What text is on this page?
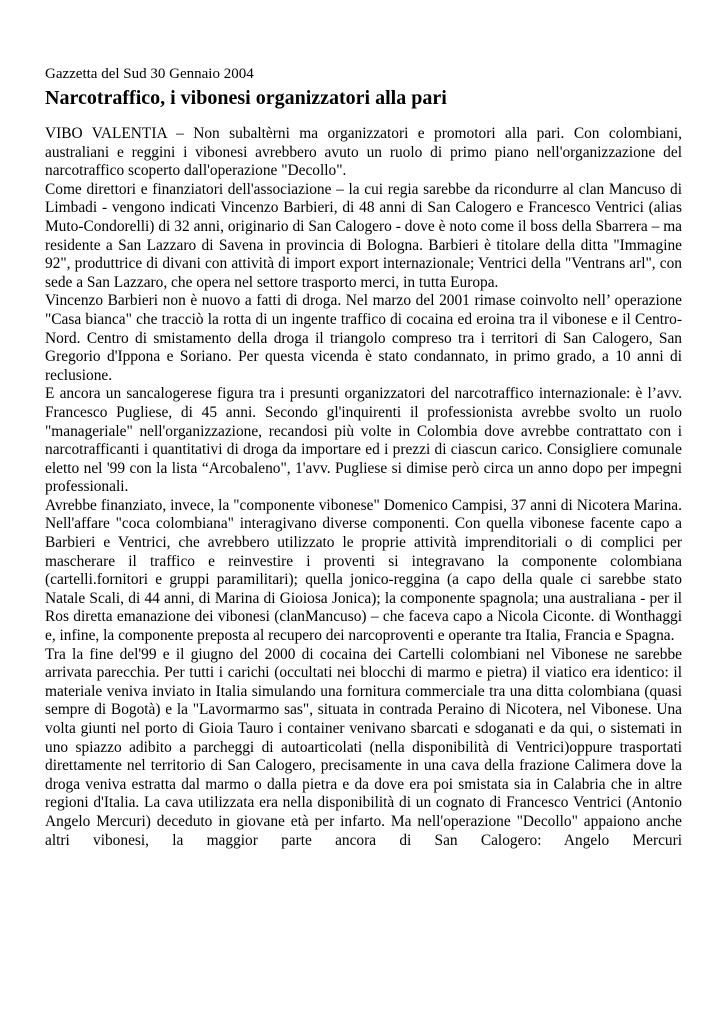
Gazzetta del Sud 30 Gennaio 2004
Narcotraffico, i vibonesi organizzatori alla pari

VIBO VALENTIA – Non subaltèrni ma organizzatori e promotori alla pari. Con colombiani, australiani e reggini i vibonesi avrebbero avuto un ruolo di primo piano nell'organizzazione del narcotraffico scoperto dall'operazione "Decollo".

Come direttori e finanziatori dell'associazione – la cui regia sarebbe da ricondurre al clan Mancuso di Limbadi - vengono indicati Vincenzo Barbieri, di 48 anni di San Calogero e Francesco Ventrici (alias Muto-Condorelli) di 32 anni, originario di San Calogero - dove è noto come il boss della Sbarrera – ma residente a San Lazzaro di Savena in provincia di Bologna. Barbieri è titolare della ditta "Immagine 92", produttrice di divani con attività di import export internazionale; Ventrici della "Ventrans arl", con sede a San Lazzaro, che opera nel settore trasporto merci, in tutta Europa.

Vincenzo Barbieri non è nuovo a fatti di droga. Nel marzo del 2001 rimase coinvolto nell’ operazione "Casa bianca" che tracciò la rotta di un ingente traffico di cocaina ed eroina tra il vibonese e il Centro-Nord. Centro di smistamento della droga il triangolo compreso tra i territori di San Calogero, San Gregorio d'Ippona e Soriano. Per questa vicenda è stato condannato, in primo grado, a 10 anni di reclusione.

E ancora un sancalogerese figura tra i presunti organizzatori del narcotraffico internazionale: è l’avv. Francesco Pugliese, di 45 anni. Secondo gl'inquirenti il professionista avrebbe svolto un ruolo "manageriale" nell'organizzazione, recandosi più volte in Colombia dove avrebbe contrattato con i narcotrafficanti i quantitativi di droga da importare ed i prezzi di ciascun carico. Consigliere comunale eletto nel '99 con la lista “Arcobaleno", 1'avv. Pugliese si dimise però circa un anno dopo per impegni professionali.

Avrebbe finanziato, invece, la "componente vibonese" Domenico Campisi, 37 anni di Nicotera Marina. Nell'affare "coca colombiana" interagivano diverse componenti. Con quella vibonese facente capo a Barbieri e Ventrici, che avrebbero utilizzato le proprie attività imprenditoriali o di complici per mascherare il traffico e reinvestire i proventi si integravano la componente colombiana (cartelli.fornitori e gruppi paramilitari); quella jonico-reggina (a capo della quale ci sarebbe stato Natale Scali, di 44 anni, di Marina di Gioiosa Jonica); la componente spagnola; una australiana - per il Ros diretta emanazione dei vibonesi (clanMancuso) – che faceva capo a Nicola Ciconte. di Wonthaggi e, infine, la componente preposta al recupero dei narcoproventi e operante tra Italia, Francia e Spagna.

Tra la fine del'99 e il giugno del 2000 di cocaina dei Cartelli colombiani nel Vibonese ne sarebbe arrivata parecchia. Per tutti i carichi (occultati nei blocchi di marmo e pietra) il viatico era identico: il materiale veniva inviato in Italia simulando una fornitura commerciale tra una ditta colombiana (quasi sempre di Bogotà) e la "Lavormarmo sas", situata in contrada Peraino di Nicotera, nel Vibonese. Una volta giunti nel porto di Gioia Tauro i container venivano sbarcati e sdoganati e da qui, o sistemati in uno spiazzo adibito a parcheggi di autoarticolati (nella disponibilità di Ventrici)oppure trasportati direttamente nel territorio di San Calogero, precisamente in una cava della frazione Calimera dove la droga veniva estratta dal marmo o dalla pietra e da dove era poi smistata sia in Calabria che in altre regioni d'Italia. La cava utilizzata era nella disponibilità di un cognato di Francesco Ventrici (Antonio Angelo Mercuri) deceduto in giovane età per infarto. Ma nell'operazione "Decollo" appaiono anche altri vibonesi, la maggior parte ancora di San Calogero: Angelo Mercuri
